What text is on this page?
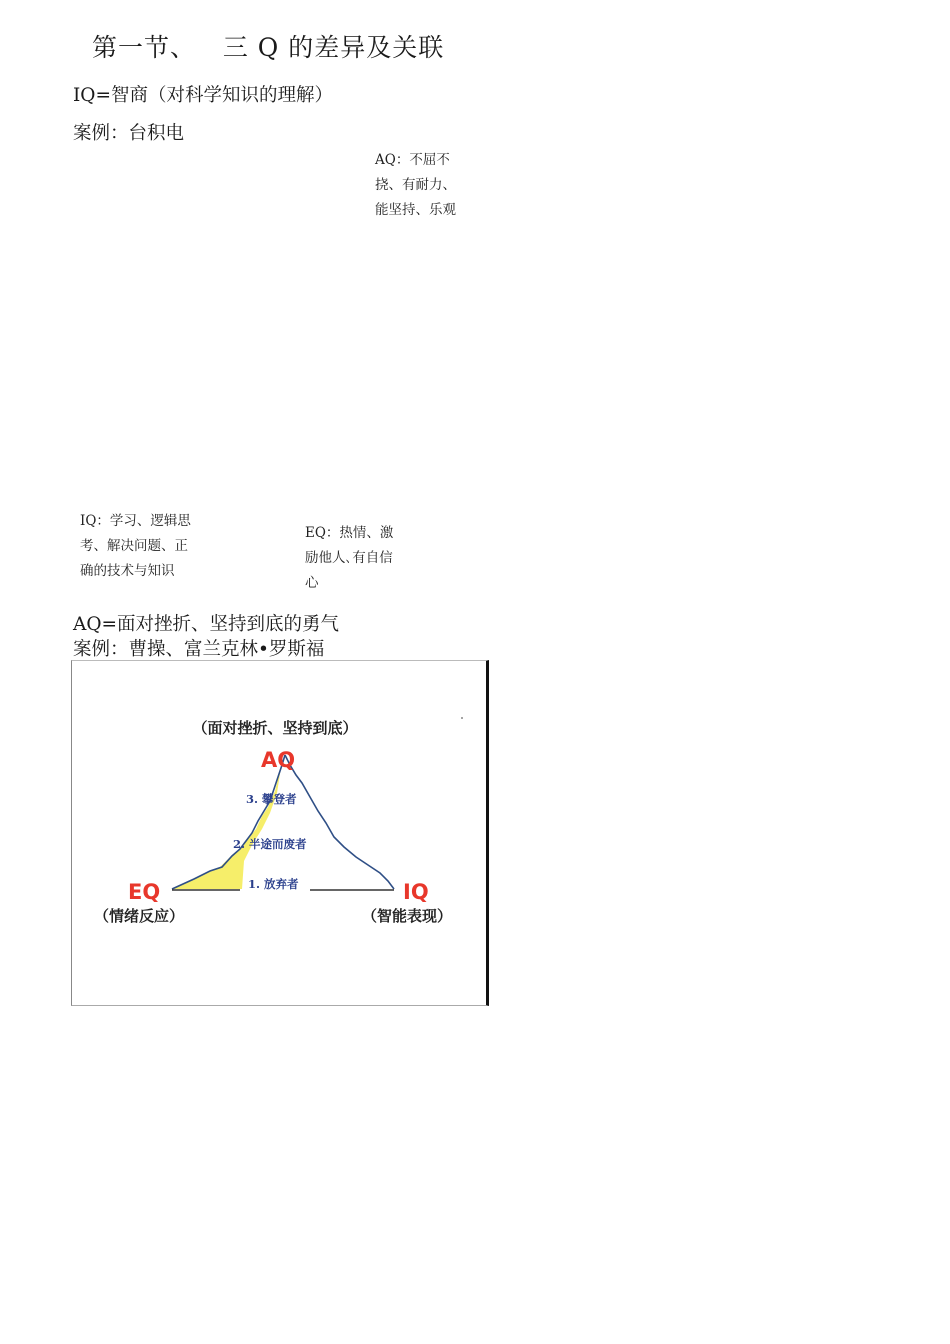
第一节、   三 Q 的差异及关联
IQ=智商（对科学知识的理解）
案例：台积电
AQ：不屈不
挠、有耐力、
能坚持、乐观
IQ：学习、逻辑思
考、解决问题、正
确的技术与知识
EQ：热情、激
励他人､有自信
心
AQ=面对挫折、坚持到底的勇气
案例：曹操、富兰克林•罗斯福
（面对挫折、坚持到底）
AQ
3. 攀登者
2. 半途而废者
1. 放弃者
EQ
（情绪反应）
IQ
（智能表现）
